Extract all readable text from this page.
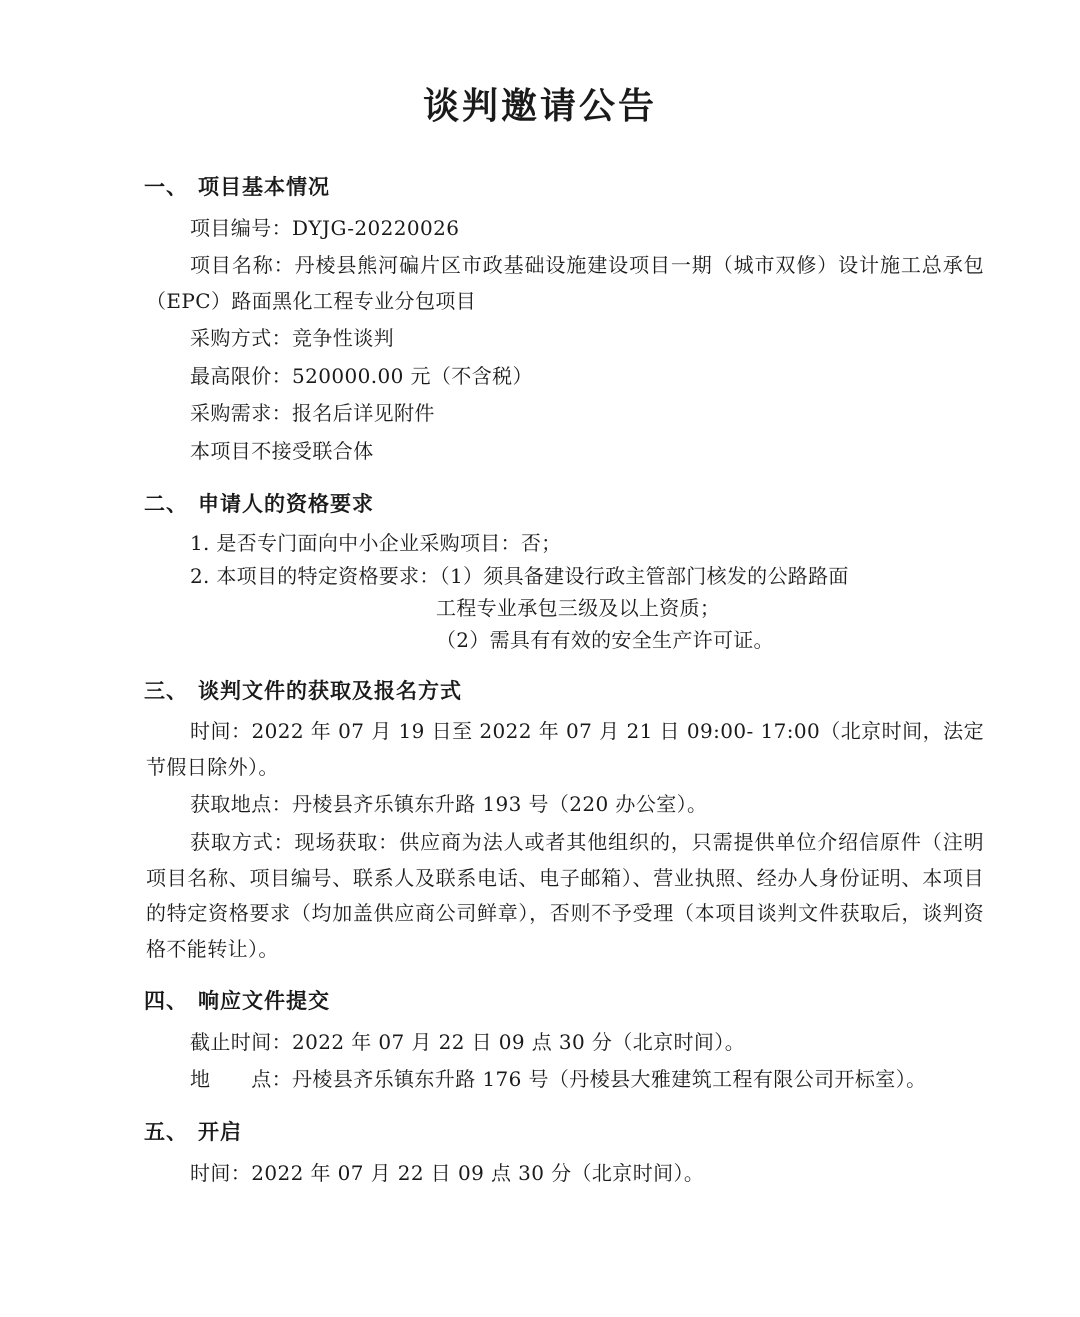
谈判邀请公告
一、 项目基本情况

项目编号：DYJG-20220026

项目名称：丹棱县熊河碥片区市政基础设施建设项目一期（城市双修）设计施工总承包（EPC）路面黑化工程专业分包项目

采购方式：竞争性谈判

最高限价：520000.00 元（不含税）

采购需求：报名后详见附件

本项目不接受联合体

二、 申请人的资格要求

1. 是否专门面向中小企业采购项目：否；

2. 本项目的特定资格要求：（1）须具备建设行政主管部门核发的公路路面

工程专业承包三级及以上资质；

（2）需具有有效的安全生产许可证。

三、 谈判文件的获取及报名方式

时间：2022 年 07 月 19 日至 2022 年 07 月 21 日 09:00- 17:00（北京时间，法定节假日除外）。

获取地点：丹棱县齐乐镇东升路 193 号（220 办公室）。

获取方式：现场获取：供应商为法人或者其他组织的，只需提供单位介绍信原件（注明项目名称、项目编号、联系人及联系电话、电子邮箱）、营业执照、经办人身份证明、本项目的特定资格要求（均加盖供应商公司鲜章），否则不予受理（本项目谈判文件获取后，谈判资格不能转让）。

四、 响应文件提交

截止时间：2022 年 07 月 22 日 09 点 30 分（北京时间）。

地　　点：丹棱县齐乐镇东升路 176 号（丹棱县大雅建筑工程有限公司开标室）。

五、 开启

时间：2022 年 07 月 22 日 09 点 30 分（北京时间）。
